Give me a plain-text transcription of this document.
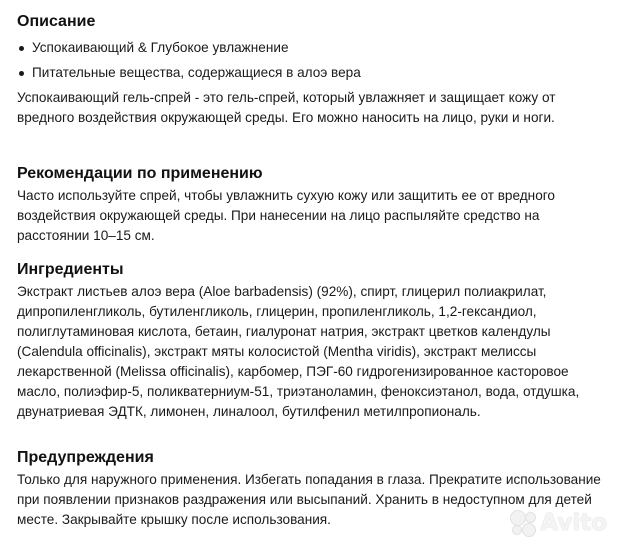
Описание
Успокаивающий & Глубокое увлажнение
Питательные вещества, содержащиеся в алоэ вера

Успокаивающий гель-спрей - это гель-спрей, который увлажняет и защищает кожу от вредного воздействия окружающей среды. Его можно наносить на лицо, руки и ноги.

Рекомендации по применению

Часто используйте спрей, чтобы увлажнить сухую кожу или защитить ее от вредного воздействия окружающей среды. При нанесении на лицо распыляйте средство на расстоянии 10–15 см.

Ингредиенты

Экстракт листьев алоэ вера (Aloe barbadensis) (92%), спирт, глицерил полиакрилат, дипропиленгликоль, бутиленгликоль, глицерин, пропиленгликоль, 1,2-гександиол, полиглутаминовая кислота, бетаин, гиалуронат натрия, экстракт цветков календулы (Calendula officinalis), экстракт мяты колосистой (Mentha viridis), экстракт мелиссы лекарственной (Melissa officinalis), карбомер, ПЭГ-60 гидрогенизированное касторовое масло, полиэфир-5, поликватерниум-51, триэтаноламин, феноксиэтанол, вода, отдушка, двунатриевая ЭДТК, лимонен, линалоол, бутилфенил метилпропиональ.

Предупреждения

Только для наружного применения. Избегать попадания в глаза. Прекратите использование при появлении признаков раздражения или высыпаний. Хранить в недоступном для детей месте. Закрывайте крышку после использования.	Avito
